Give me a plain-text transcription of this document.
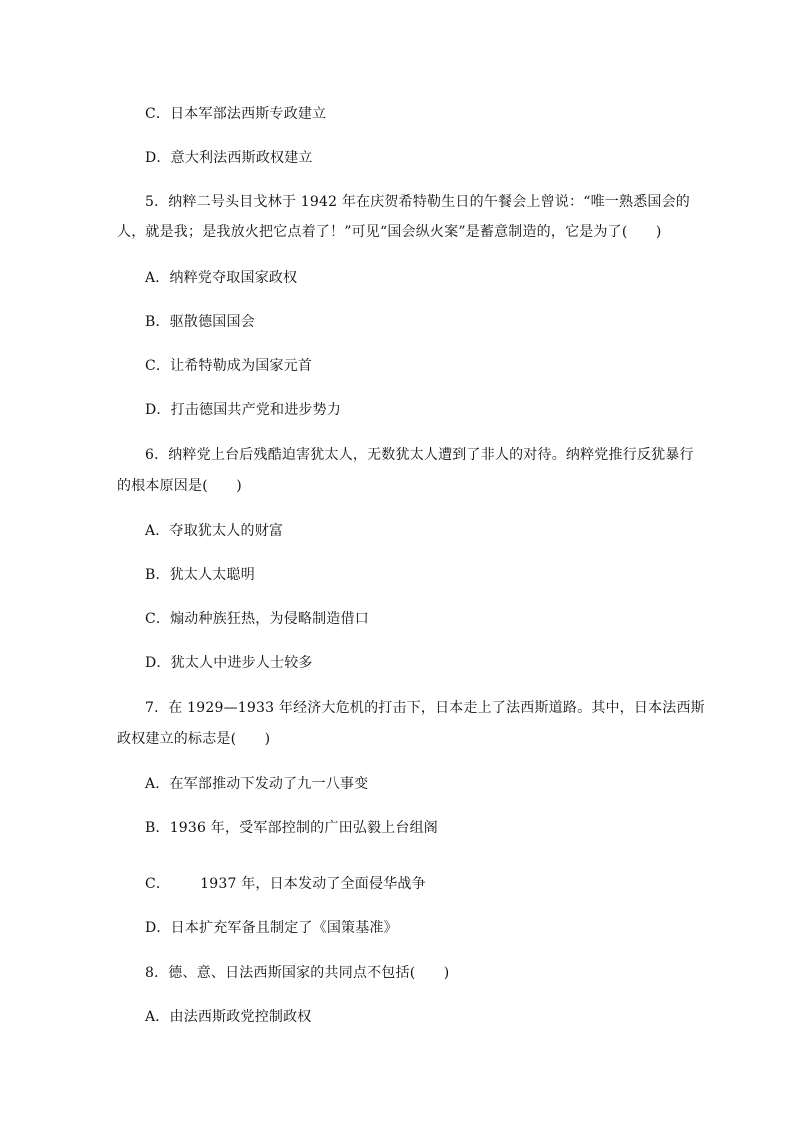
C．日本军部法西斯专政建立
D．意大利法西斯政权建立
5．纳粹二号头目戈林于 1942 年在庆贺希特勒生日的午餐会上曾说：“唯一熟悉国会的
人，就是我；是我放火把它点着了！”可见“国会纵火案”是蓄意制造的，它是为了(　　)
A．纳粹党夺取国家政权
B．驱散德国国会
C．让希特勒成为国家元首
D．打击德国共产党和进步势力
6．纳粹党上台后残酷迫害犹太人，无数犹太人遭到了非人的对待。纳粹党推行反犹暴行
的根本原因是(　　)
A．夺取犹太人的财富
B．犹太人太聪明
C．煽动种族狂热，为侵略制造借口
D．犹太人中进步人士较多
7．在 1929—1933 年经济大危机的打击下，日本走上了法西斯道路。其中，日本法西斯
政权建立的标志是(　　)
A．在军部推动下发动了九一八事变
B．1936 年，受军部控制的广田弘毅上台组阁
C． 1937 年，日本发动了全面侵华战争
D．日本扩充军备且制定了《国策基准》
8．德、意、日法西斯国家的共同点不包括(　　)
A．由法西斯政党控制政权
